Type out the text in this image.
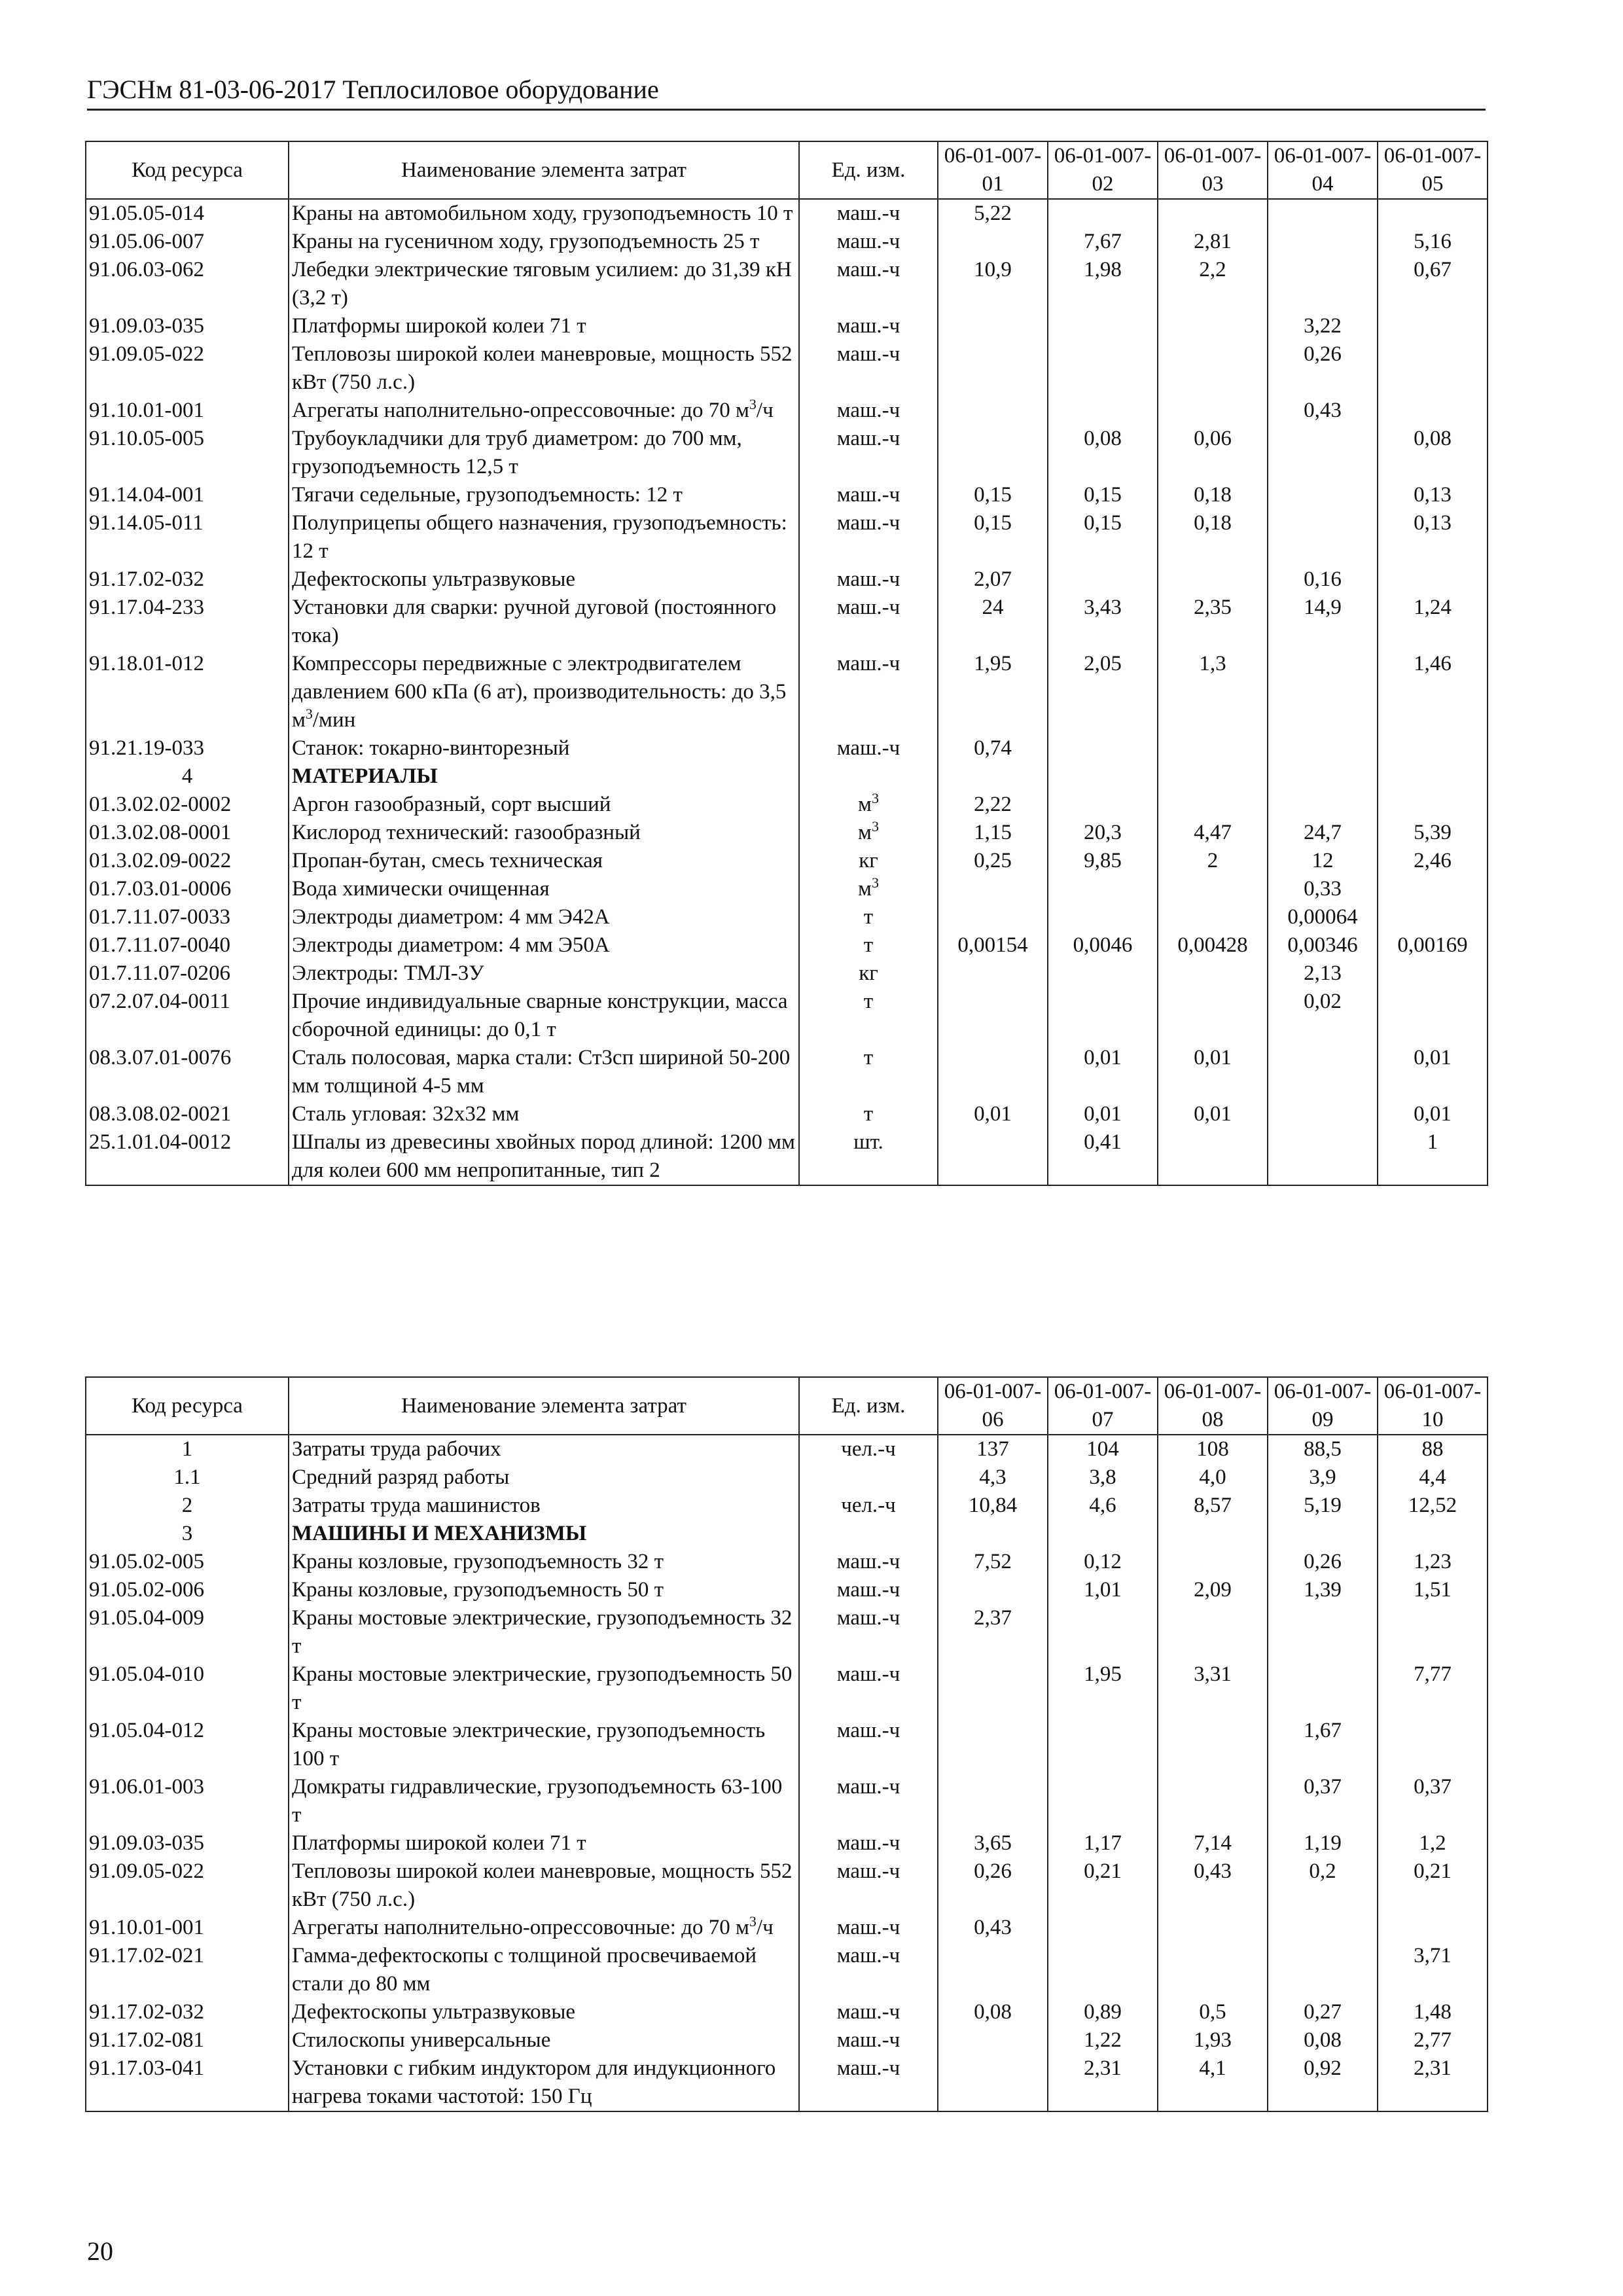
ГЭСНм 81-03-06-2017 Теплосиловое оборудование
Код ресурса	Наименование элемента затрат	Ед. изм.	06-01-007-01	06-01-007-02	06-01-007-03	06-01-007-04	06-01-007-05
91.05.05-014	Краны на автомобильном ходу, грузоподъемность 10 т	маш.-ч	5,22				
91.05.06-007	Краны на гусеничном ходу, грузоподъемность 25 т	маш.-ч		7,67	2,81		5,16
91.06.03-062	Лебедки электрические тяговым усилием: до 31,39 кН (3,2 т)	маш.-ч	10,9	1,98	2,2		0,67
91.09.03-035	Платформы широкой колеи 71 т	маш.-ч				3,22	
91.09.05-022	Тепловозы широкой колеи маневровые, мощность 552 кВт (750 л.с.)	маш.-ч				0,26	
91.10.01-001	Агрегаты наполнительно-опрессовочные: до 70 $м^3/ч$	маш.-ч				0,43	
91.10.05-005	Трубоукладчики для труб диаметром: до 700 мм, грузоподъемность 12,5 т	маш.-ч		0,08	0,06		0,08
91.14.04-001	Тягачи седельные, грузоподъемность: 12 т	маш.-ч	0,15	0,15	0,18		0,13
91.14.05-011	Полуприцепы общего назначения, грузоподъемность: 12 т	маш.-ч	0,15	0,15	0,18		0,13
91.17.02-032	Дефектоскопы ультразвуковые	маш.-ч	2,07			0,16	
91.17.04-233	Установки для сварки: ручной дуговой (постоянного тока)	маш.-ч	24	3,43	2,35	14,9	1,24
91.18.01-012	Компрессоры передвижные с электродвигателем давлением 600 кПа (6 ат), производительность: до 3,5 $м^3$/мин	маш.-ч	1,95	2,05	1,3		1,46
91.21.19-033	Станок: токарно-винторезный	маш.-ч	0,74				
4	МАТЕРИАЛЫ						
01.3.02.02-0002	Аргон газообразный, сорт высший	$м^3$	2,22				
01.3.02.08-0001	Кислород технический: газообразный	$м^3$	1,15	20,3	4,47	24,7	5,39
01.3.02.09-0022	Пропан-бутан, смесь техническая	кг	0,25	9,85	2	12	2,46
01.7.03.01-0006	Вода химически очищенная	$м^3$				0,33	
01.7.11.07-0033	Электроды диаметром: 4 мм Э42А	т				0,00064	
01.7.11.07-0040	Электроды диаметром: 4 мм Э50А	т	0,00154	0,0046	0,00428	0,00346	0,00169
01.7.11.07-0206	Электроды: ТМЛ-3У	кг				2,13	
07.2.07.04-0011	Прочие индивидуальные сварные конструкции, масса сборочной единицы: до 0,1 т	т				0,02	
08.3.07.01-0076	Сталь полосовая, марка стали: Ст3сп шириной 50-200 мм толщиной 4-5 мм	т		0,01	0,01		0,01
08.3.08.02-0021	Сталь угловая: 32х32 мм	т	0,01	0,01	0,01		0,01
25.1.01.04-0012	Шпалы из древесины хвойных пород длиной: 1200 мм для колеи 600 мм непропитанные, тип 2	шт.		0,41			1
Код ресурса	Наименование элемента затрат	Ед. изм.	06-01-007-06	06-01-007-07	06-01-007-08	06-01-007-09	06-01-007-10
1	Затраты труда рабочих	чел.-ч	137	104	108	88,5	88
1.1	Средний разряд работы		4,3	3,8	4,0	3,9	4,4
2	Затраты труда машинистов	чел.-ч	10,84	4,6	8,57	5,19	12,52
3	МАШИНЫ И МЕХАНИЗМЫ						
91.05.02-005	Краны козловые, грузоподъемность 32 т	маш.-ч	7,52	0,12		0,26	1,23
91.05.02-006	Краны козловые, грузоподъемность 50 т	маш.-ч		1,01	2,09	1,39	1,51
91.05.04-009	Краны мостовые электрические, грузоподъемность 32 т	маш.-ч	2,37				
91.05.04-010	Краны мостовые электрические, грузоподъемность 50 т	маш.-ч		1,95	3,31		7,77
91.05.04-012	Краны мостовые электрические, грузоподъемность 100 т	маш.-ч				1,67	
91.06.01-003	Домкраты гидравлические, грузоподъемность 63-100 т	маш.-ч				0,37	0,37
91.09.03-035	Платформы широкой колеи 71 т	маш.-ч	3,65	1,17	7,14	1,19	1,2
91.09.05-022	Тепловозы широкой колеи маневровые, мощность 552 кВт (750 л.с.)	маш.-ч	0,26	0,21	0,43	0,2	0,21
91.10.01-001	Агрегаты наполнительно-опрессовочные: до 70 $м^3/ч$	маш.-ч	0,43				
91.17.02-021	Гамма-дефектоскопы с толщиной просвечиваемой стали до 80 мм	маш.-ч					3,71
91.17.02-032	Дефектоскопы ультразвуковые	маш.-ч	0,08	0,89	0,5	0,27	1,48
91.17.02-081	Стилоскопы универсальные	маш.-ч		1,22	1,93	0,08	2,77
91.17.03-041	Установки с гибким индуктором для индукционного нагрева токами частотой: 150 Гц	маш.-ч		2,31	4,1	0,92	2,31
20
